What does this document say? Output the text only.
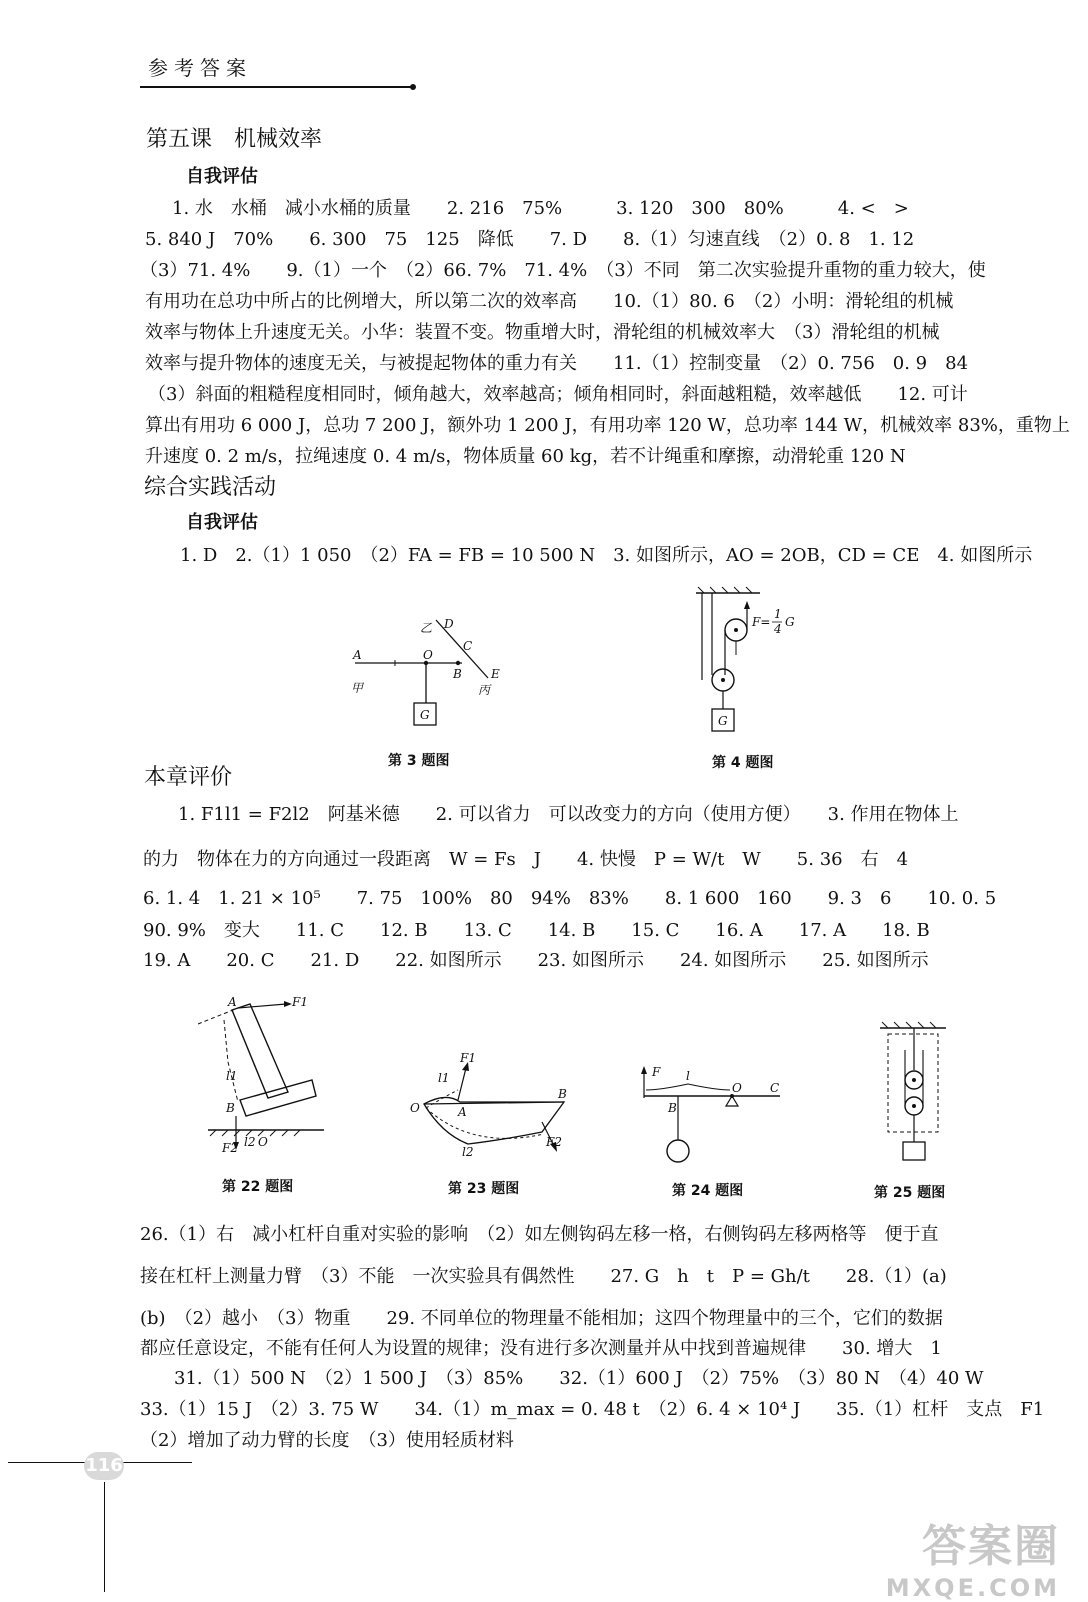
参考答案
第五课　机械效率
自我评估
1. 水　水桶　减小水桶的质量　　2. 216　75%　　　3. 120　300　80%　　　4. <　>
5. 840 J　70%　　6. 300　75　125　降低　　7. D　　8.（1）匀速直线　（2）0. 8　1. 12
（3）71. 4%　　9.（1）一个　（2）66. 7%　71. 4%　（3）不同　第二次实验提升重物的重力较大，使
有用功在总功中所占的比例增大，所以第二次的效率高　　10.（1）80. 6　（2）小明：滑轮组的机械
效率与物体上升速度无关。小华：装置不变。物重增大时，滑轮组的机械效率大　（3）滑轮组的机械
效率与提升物体的速度无关，与被提起物体的重力有关　　11.（1）控制变量　（2）0. 756　0. 9　84
（3）斜面的粗糙程度相同时，倾角越大，效率越高；倾角相同时，斜面越粗糙，效率越低　　12. 可计
算出有用功 6 000 J，总功 7 200 J，额外功 1 200 J，有用功率 120 W，总功率 144 W，机械效率 83%，重物上
升速度 0. 2 m/s，拉绳速度 0. 4 m/s，物体质量 60 kg，若不计绳重和摩擦，动滑轮重 120 N
综合实践活动
自我评估
1. D　2.（1）1 050　（2）FA = FB = 10 500 N　3. 如图所示，AO = 2OB，CD = CE　4. 如图所示
乙 D
C
A	O
B E
甲	丙
G
第 3 题图
F=
1
4 G
G
第 4 题图
本章评价
1. F1l1 = F2l2　阿基米德　　2. 可以省力　可以改变力的方向（使用方便）　　3. 作用在物体上
的力　物体在力的方向通过一段距离　W = Fs　J　　4. 快慢　P = W/t　W　　5. 36　右　4
6. 1. 4　1. 21 × 10⁵　　7. 75　100%　80　94%　83%　　8. 1 600　160　　9. 3　6　　10. 0. 5
90. 9%　变大　　11. C　　12. B　　13. C　　14. B　　15. C　　16. A　　17. A　　18. B
19. A　　20. C　　21. D　　22. 如图所示　　23. 如图所示　　24. 如图所示　　25. 如图所示
A	F1
l1
B
F2 l2 O
第 22 题图
F1
l1
O	A
B
l2
F2
第 23 题图
F l
O C
B
第 24 题图	第 25 题图
26.（1）右　减小杠杆自重对实验的影响　（2）如左侧钩码左移一格，右侧钩码左移两格等　便于直
接在杠杆上测量力臂　（3）不能　一次实验具有偶然性　　27. G　h　t　P = Gh/t　　28.（1）(a)
(b)　（2）越小　（3）物重　　29. 不同单位的物理量不能相加；这四个物理量中的三个，它们的数据
都应任意设定，不能有任何人为设置的规律；没有进行多次测量并从中找到普遍规律　　30. 增大　1
　31.（1）500 N　（2）1 500 J　（3）85%　　32.（1）600 J　（2）75%　（3）80 N　（4）40 W
33.（1）15 J　（2）3. 75 W　　34.（1）m_max = 0. 48 t　（2）6. 4 × 10⁴ J　　35.（1）杠杆　支点　F1
（2）增加了动力臂的长度　（3）使用轻质材料
116
答案圈
MXQE.COM
